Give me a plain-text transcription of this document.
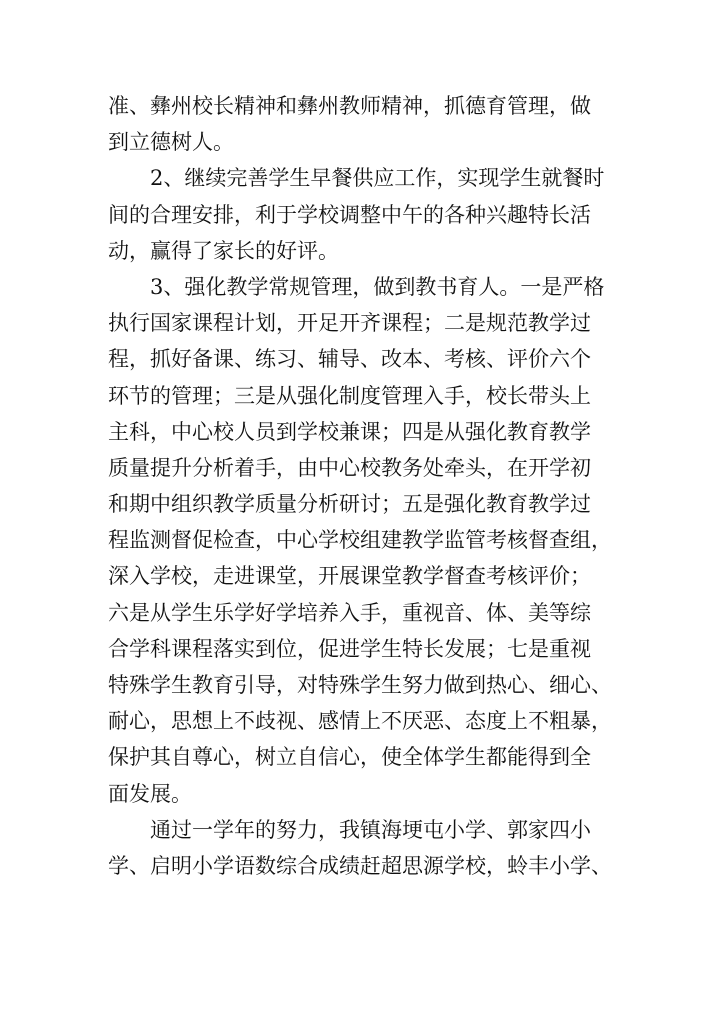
准、彝州校长精神和彝州教师精神，抓德育管理，做
到立德树人。
2、继续完善学生早餐供应工作，实现学生就餐时
间的合理安排，利于学校调整中午的各种兴趣特长活
动，赢得了家长的好评。
3、强化教学常规管理，做到教书育人。一是严格
执行国家课程计划，开足开齐课程；二是规范教学过
程，抓好备课、练习、辅导、改本、考核、评价六个
环节的管理；三是从强化制度管理入手，校长带头上
主科，中心校人员到学校兼课；四是从强化教育教学
质量提升分析着手，由中心校教务处牵头，在开学初
和期中组织教学质量分析研讨；五是强化教育教学过
程监测督促检查，中心学校组建教学监管考核督查组，
深入学校，走进课堂，开展课堂教学督查考核评价；
六是从学生乐学好学培养入手，重视音、体、美等综
合学科课程落实到位，促进学生特长发展；七是重视
特殊学生教育引导，对特殊学生努力做到热心、细心、
耐心，思想上不歧视、感情上不厌恶、态度上不粗暴，
保护其自尊心，树立自信心，使全体学生都能得到全
面发展。
通过一学年的努力，我镇海埂屯小学、郭家四小
学、启明小学语数综合成绩赶超思源学校，蛉丰小学、
